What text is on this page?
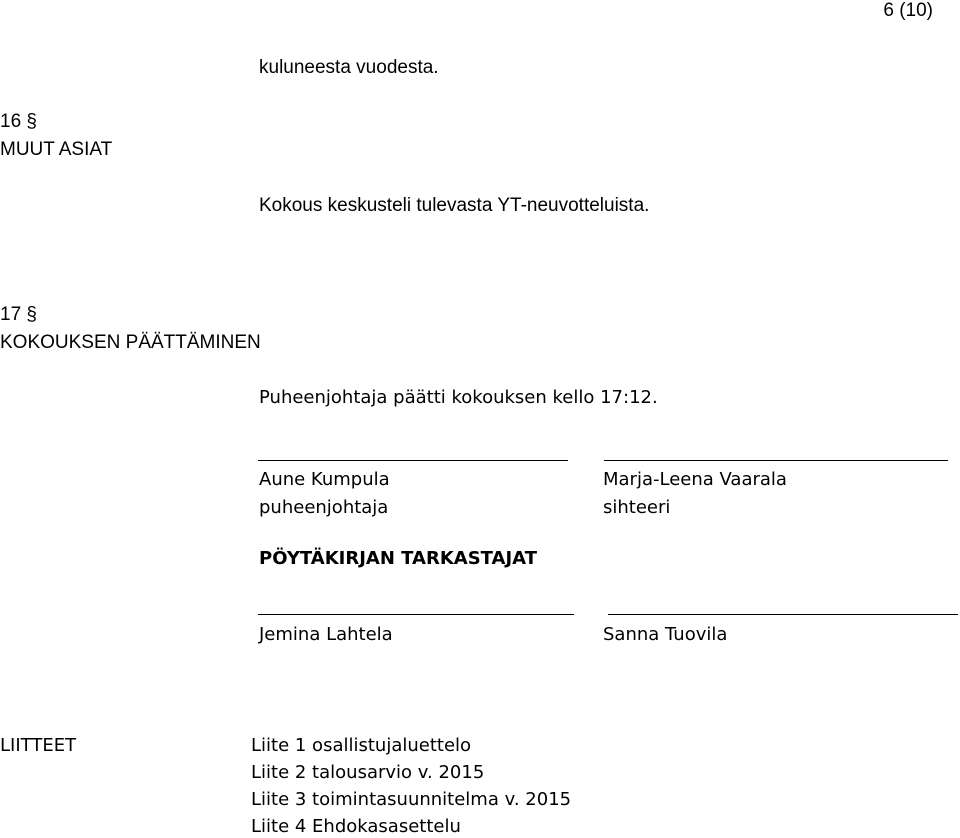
6 (10)
kuluneesta vuodesta.
16 §
MUUT ASIAT
Kokous keskusteli tulevasta YT-neuvotteluista.
17 §
KOKOUKSEN PÄÄTTÄMINEN
Puheenjohtaja päätti kokouksen kello 17:12.
Aune Kumpula
puheenjohtaja
Marja-Leena Vaarala
sihteeri
PÖYTÄKIRJAN TARKASTAJAT
Jemina Lahtela	Sanna Tuovila
LIITTEET	Liite 1 osallistujaluettelo
Liite 2 talousarvio v. 2015
Liite 3 toimintasuunnitelma v. 2015
Liite 4 Ehdokasasettelu
